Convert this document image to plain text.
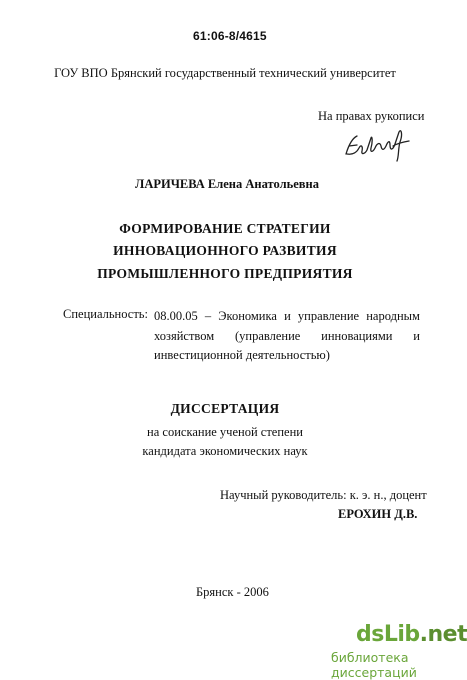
61:06-8/4615
ГОУ ВПО Брянский государственный технический университет
На правах рукописи
ЛАРИЧЕВА Елена Анатольевна
ФОРМИРОВАНИЕ СТРАТЕГИИ
ИННОВАЦИОННОГО РАЗВИТИЯ
ПРОМЫШЛЕННОГО ПРЕДПРИЯТИЯ
Специальность: 08.00.05 – Экономика и управление народным
хозяйством (управление инновациями и
инвестиционной деятельностью)
ДИССЕРТАЦИЯ
на соискание ученой степени
кандидата экономических наук
Научный руководитель: к. э. н., доцент
ЕРОХИН Д.В.
Брянск - 2006
dsLib.net
библиотека диссертаций
